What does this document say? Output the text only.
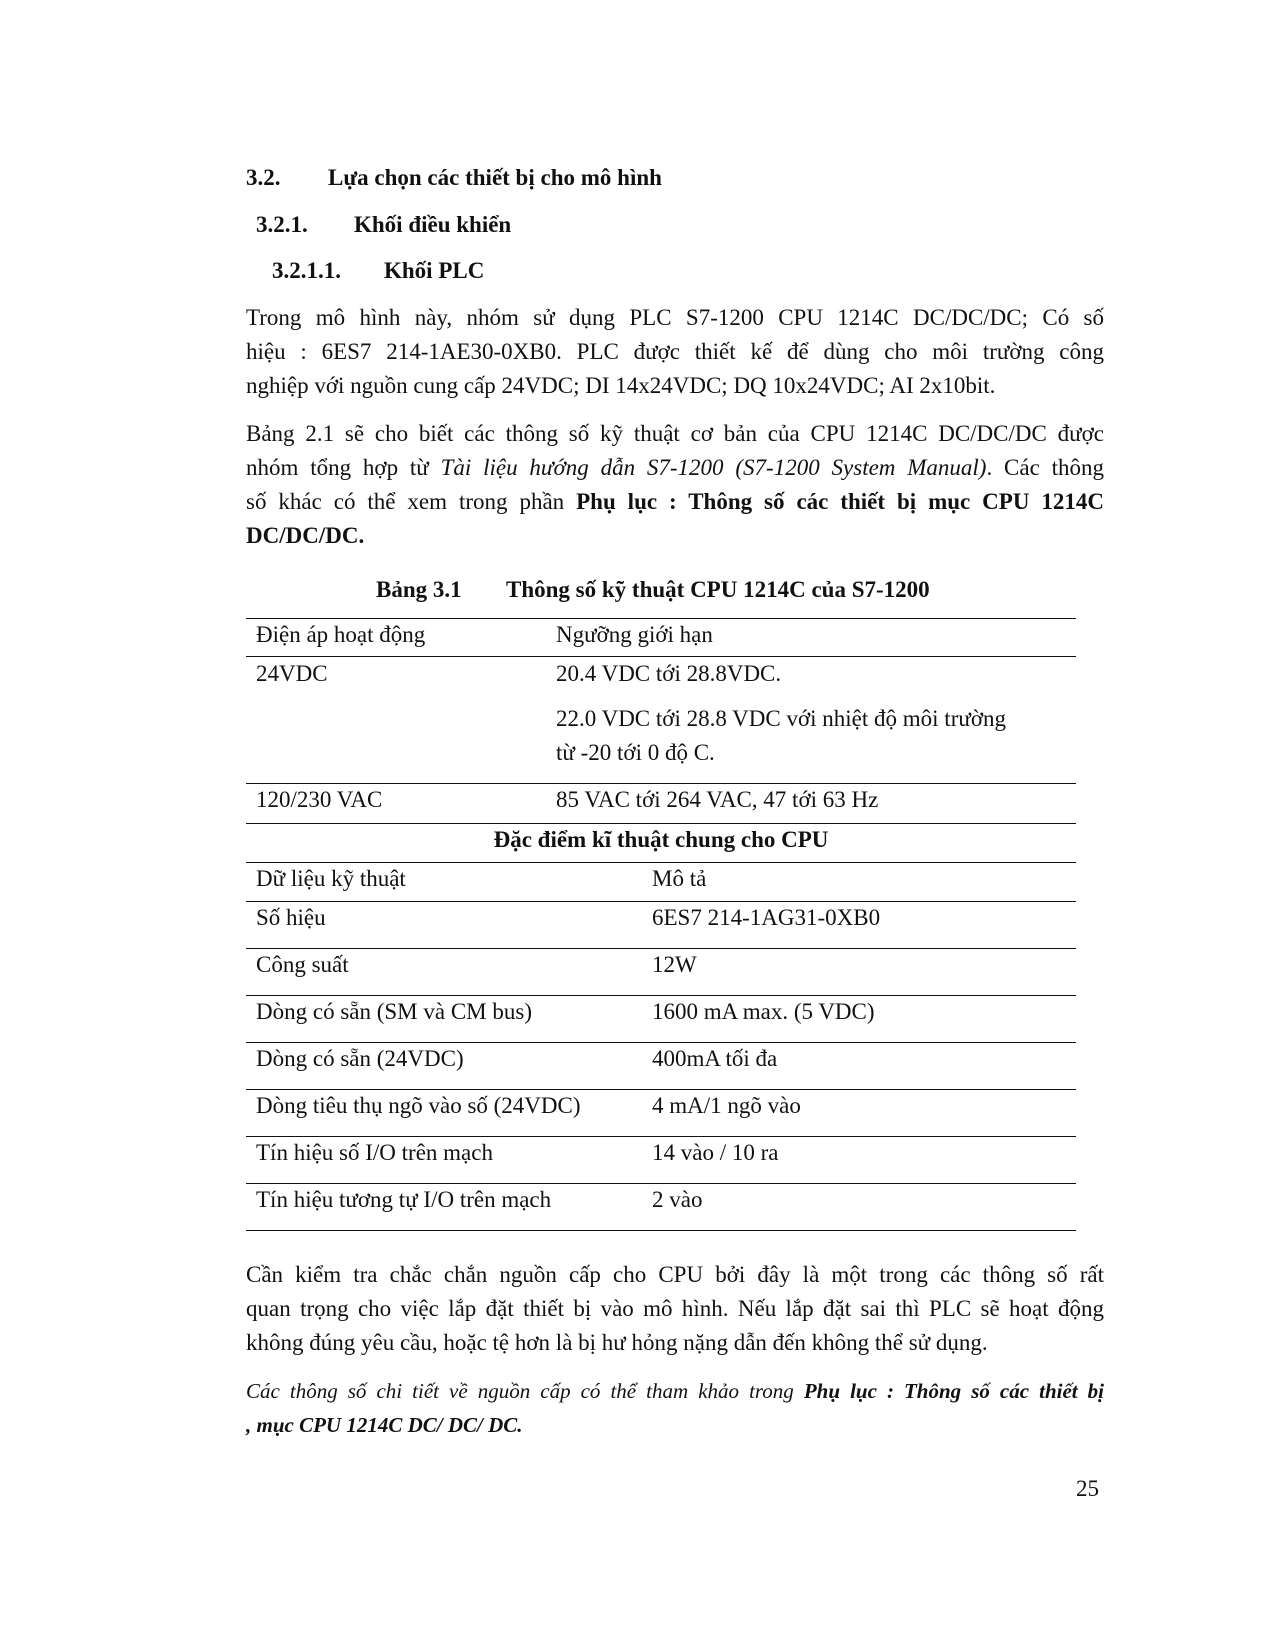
3.2. Lựa chọn các thiết bị cho mô hình
3.2.1. Khối điều khiển
3.2.1.1. Khối PLC
Trong mô hình này, nhóm sử dụng PLC S7-1200 CPU 1214C DC/DC/DC; Có số
hiệu : 6ES7 214-1AE30-0XB0. PLC được thiết kế để dùng cho môi trường công
nghiệp với nguồn cung cấp 24VDC; DI 14x24VDC; DQ 10x24VDC; AI 2x10bit.
Bảng 2.1 sẽ cho biết các thông số kỹ thuật cơ bản của CPU 1214C DC/DC/DC được
nhóm tổng hợp từ Tài liệu hướng dẫn S7-1200 (S7-1200 System Manual). Các thông
số khác có thể xem trong phần Phụ lục : Thông số các thiết bị mục CPU 1214C
DC/DC/DC.
Bảng 3.1 Thông số kỹ thuật CPU 1214C của S7-1200
Điện áp hoạt động	Ngưỡng giới hạn
24VDC	20.4 VDC tới 28.8VDC.
22.0 VDC tới 28.8 VDC với nhiệt độ môi trường
từ -20 tới 0 độ C.
120/230 VAC	85 VAC tới 264 VAC, 47 tới 63 Hz
Đặc điểm kĩ thuật chung cho CPU
Dữ liệu kỹ thuật	Mô tả
Số hiệu	6ES7 214-1AG31-0XB0
Công suất	12W
Dòng có sẵn (SM và CM bus)	1600 mA max. (5 VDC)
Dòng có sẵn (24VDC)	400mA tối đa
Dòng tiêu thụ ngõ vào số (24VDC)	4 mA/1 ngõ vào
Tín hiệu số I/O trên mạch	14 vào / 10 ra
Tín hiệu tương tự I/O trên mạch	2 vào
Cần kiểm tra chắc chắn nguồn cấp cho CPU bởi đây là một trong các thông số rất
quan trọng cho việc lắp đặt thiết bị vào mô hình. Nếu lắp đặt sai thì PLC sẽ hoạt động
không đúng yêu cầu, hoặc tệ hơn là bị hư hỏng nặng dẫn đến không thể sử dụng.
Các thông số chi tiết về nguồn cấp có thể tham khảo trong Phụ lục : Thông số các thiết bị
, mục CPU 1214C DC/ DC/ DC.
25
